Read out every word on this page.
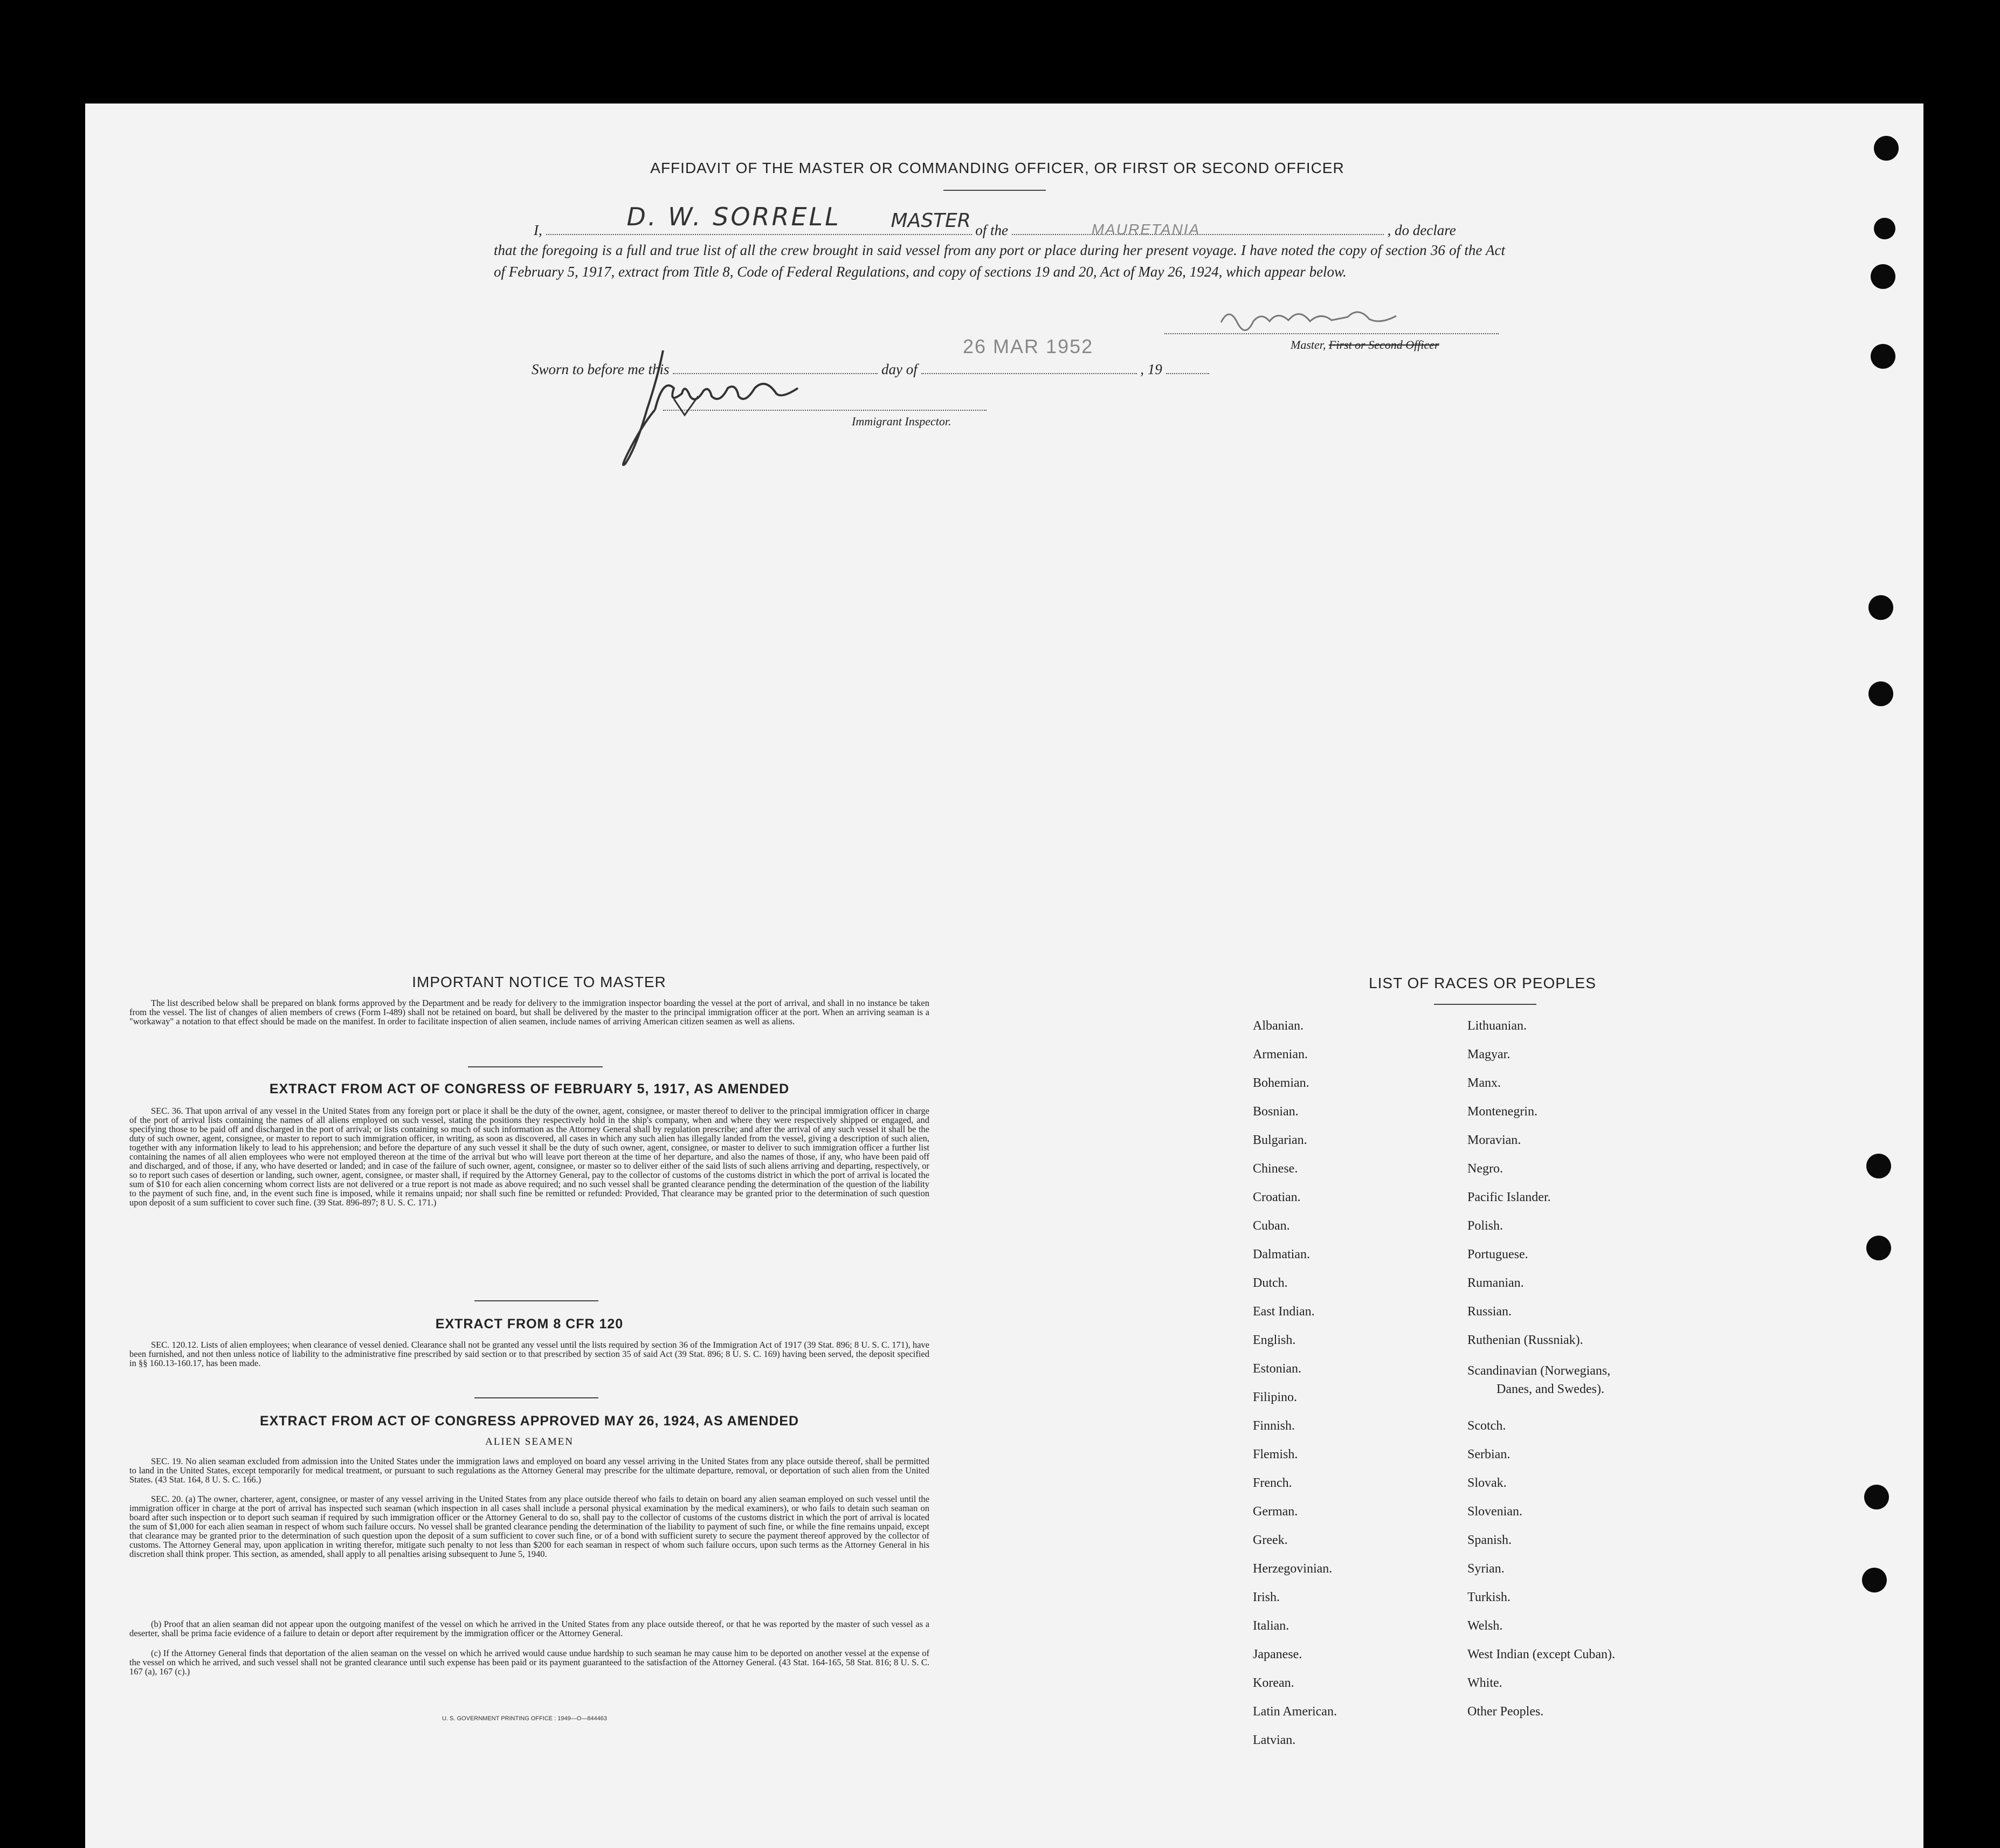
AFFIDAVIT OF THE MASTER OR COMMANDING OFFICER, OR FIRST OR SECOND OFFICER
I,	D. W. SORRELL	MASTER of the	MAURETANIA	, do declare
that the foregoing is a full and true list of all the crew brought in said vessel from any port or place during her present voyage. I have noted the copy of section 36 of the Act of February 5, 1917, extract from Title 8, Code of Federal Regulations, and copy of sections 19 and 20, Act of May 26, 1924, which appear below.
Master, First or Second Officer
26 MAR 1952
Sworn to before me this	day of	, 19
Immigrant Inspector.
IMPORTANT NOTICE TO MASTER
The list described below shall be prepared on blank forms approved by the Department and be ready for delivery to the immigration inspector boarding the vessel at the port of arrival, and shall in no instance be taken from the vessel. The list of changes of alien members of crews (Form I-489) shall not be retained on board, but shall be delivered by the master to the principal immigration officer at the port. When an arriving seaman is a "workaway" a notation to that effect should be made on the manifest. In order to facilitate inspection of alien seamen, include names of arriving American citizen seamen as well as aliens.
EXTRACT FROM ACT OF CONGRESS OF FEBRUARY 5, 1917, AS AMENDED
SEC. 36. That upon arrival of any vessel in the United States from any foreign port or place it shall be the duty of the owner, agent, consignee, or master thereof to deliver to the principal immigration officer in charge of the port of arrival lists containing the names of all aliens employed on such vessel, stating the positions they respectively hold in the ship's company, when and where they were respectively shipped or engaged, and specifying those to be paid off and discharged in the port of arrival; or lists containing so much of such information as the Attorney General shall by regulation prescribe; and after the arrival of any such vessel it shall be the duty of such owner, agent, consignee, or master to report to such immigration officer, in writing, as soon as discovered, all cases in which any such alien has illegally landed from the vessel, giving a description of such alien, together with any information likely to lead to his apprehension; and before the departure of any such vessel it shall be the duty of such owner, agent, consignee, or master to deliver to such immigration officer a further list containing the names of all alien employees who were not employed thereon at the time of the arrival but who will leave port thereon at the time of her departure, and also the names of those, if any, who have been paid off and discharged, and of those, if any, who have deserted or landed; and in case of the failure of such owner, agent, consignee, or master so to deliver either of the said lists of such aliens arriving and departing, respectively, or so to report such cases of desertion or landing, such owner, agent, consignee, or master shall, if required by the Attorney General, pay to the collector of customs of the customs district in which the port of arrival is located the sum of $10 for each alien concerning whom correct lists are not delivered or a true report is not made as above required; and no such vessel shall be granted clearance pending the determination of the question of the liability to the payment of such fine, and, in the event such fine is imposed, while it remains unpaid; nor shall such fine be remitted or refunded: Provided, That clearance may be granted prior to the determination of such question upon deposit of a sum sufficient to cover such fine. (39 Stat. 896-897; 8 U. S. C. 171.)
EXTRACT FROM 8 CFR 120
SEC. 120.12. Lists of alien employees; when clearance of vessel denied. Clearance shall not be granted any vessel until the lists required by section 36 of the Immigration Act of 1917 (39 Stat. 896; 8 U. S. C. 171), have been furnished, and not then unless notice of liability to the administrative fine prescribed by said section or to that prescribed by section 35 of said Act (39 Stat. 896; 8 U. S. C. 169) having been served, the deposit specified in §§ 160.13-160.17, has been made.
EXTRACT FROM ACT OF CONGRESS APPROVED MAY 26, 1924, AS AMENDED
ALIEN SEAMEN
SEC. 19. No alien seaman excluded from admission into the United States under the immigration laws and employed on board any vessel arriving in the United States from any place outside thereof, shall be permitted to land in the United States, except temporarily for medical treatment, or pursuant to such regulations as the Attorney General may prescribe for the ultimate departure, removal, or deportation of such alien from the United States. (43 Stat. 164, 8 U. S. C. 166.)
SEC. 20. (a) The owner, charterer, agent, consignee, or master of any vessel arriving in the United States from any place outside thereof who fails to detain on board any alien seaman employed on such vessel until the immigration officer in charge at the port of arrival has inspected such seaman (which inspection in all cases shall include a personal physical examination by the medical examiners), or who fails to detain such seaman on board after such inspection or to deport such seaman if required by such immigration officer or the Attorney General to do so, shall pay to the collector of customs of the customs district in which the port of arrival is located the sum of $1,000 for each alien seaman in respect of whom such failure occurs. No vessel shall be granted clearance pending the determination of the liability to payment of such fine, or while the fine remains unpaid, except that clearance may be granted prior to the determination of such question upon the deposit of a sum sufficient to cover such fine, or of a bond with sufficient surety to secure the payment thereof approved by the collector of customs. The Attorney General may, upon application in writing therefor, mitigate such penalty to not less than $200 for each seaman in respect of whom such failure occurs, upon such terms as the Attorney General in his discretion shall think proper. This section, as amended, shall apply to all penalties arising subsequent to June 5, 1940.
(b) Proof that an alien seaman did not appear upon the outgoing manifest of the vessel on which he arrived in the United States from any place outside thereof, or that he was reported by the master of such vessel as a deserter, shall be prima facie evidence of a failure to detain or deport after requirement by the immigration officer or the Attorney General.
(c) If the Attorney General finds that deportation of the alien seaman on the vessel on which he arrived would cause undue hardship to such seaman he may cause him to be deported on another vessel at the expense of the vessel on which he arrived, and such vessel shall not be granted clearance until such expense has been paid or its payment guaranteed to the satisfaction of the Attorney General. (43 Stat. 164-165, 58 Stat. 816; 8 U. S. C. 167 (a), 167 (c).)
U. S. GOVERNMENT PRINTING OFFICE : 1949—O—844463
LIST OF RACES OR PEOPLES
Albanian.
Armenian.
Bohemian.
Bosnian.
Bulgarian.
Chinese.
Croatian.
Cuban.
Dalmatian.
Dutch.
East Indian.
English.
Estonian.
Filipino.
Finnish.
Flemish.
French.
German.
Greek.
Herzegovinian.
Irish.
Italian.
Japanese.
Korean.
Latin American.
Latvian.
Lithuanian.
Magyar.
Manx.
Montenegrin.
Moravian.
Negro.
Pacific Islander.
Polish.
Portuguese.
Rumanian.
Russian.
Ruthenian (Russniak).
Scandinavian (Norwegians,
Danes, and Swedes).
Scotch.
Serbian.
Slovak.
Slovenian.
Spanish.
Syrian.
Turkish.
Welsh.
West Indian (except Cuban).
White.
Other Peoples.
